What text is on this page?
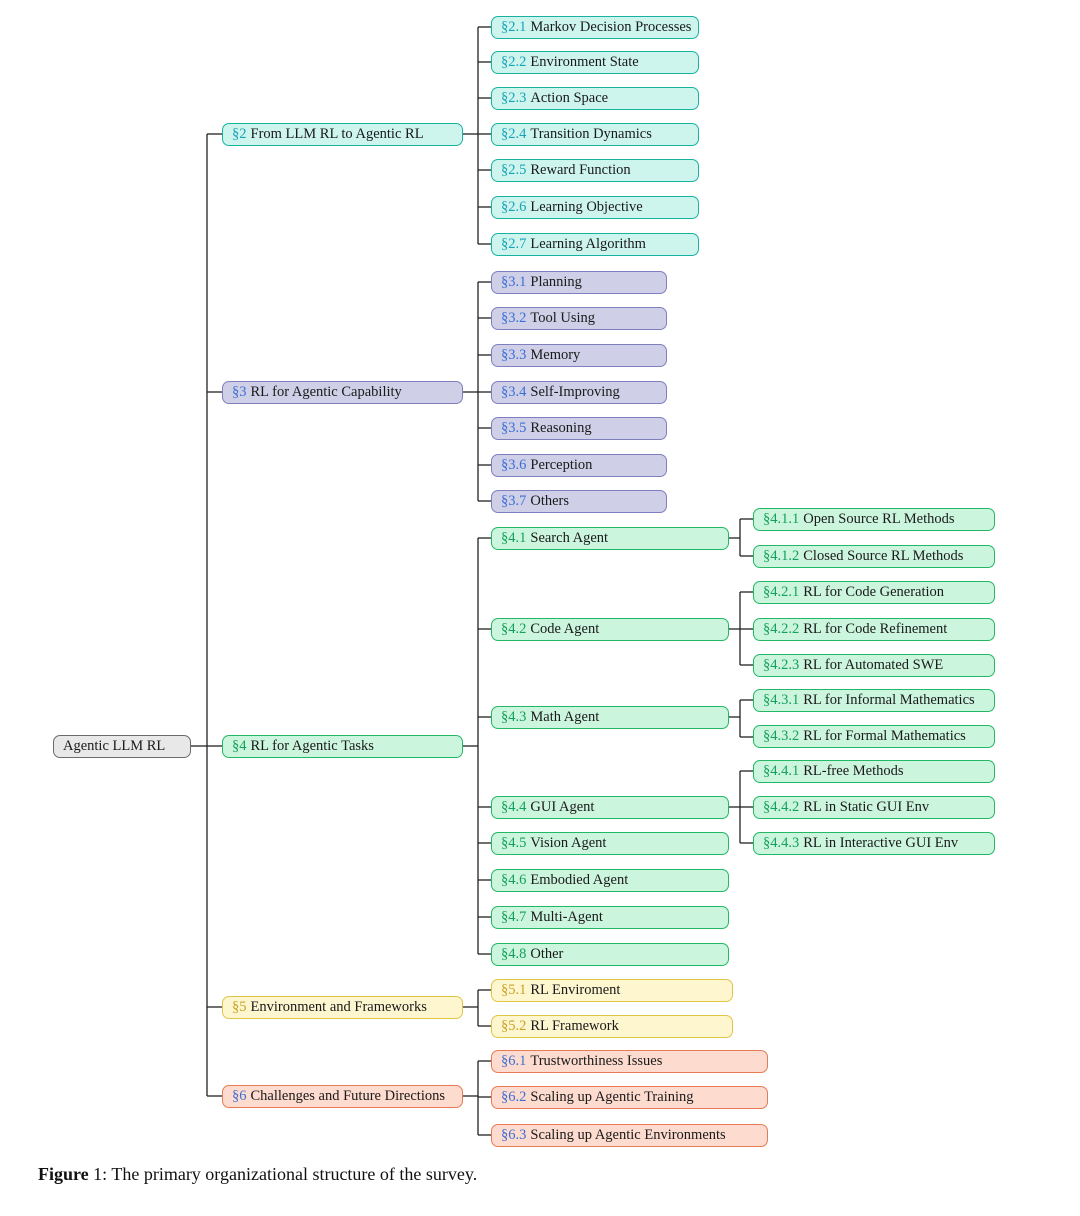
Agentic LLM RL
§2 From LLM RL to Agentic RL
§2.1 Markov Decision Processes
§2.2 Environment State
§2.3 Action Space
§2.4 Transition Dynamics
§2.5 Reward Function
§2.6 Learning Objective
§2.7 Learning Algorithm
§3 RL for Agentic Capability
§3.1 Planning
§3.2 Tool Using
§3.3 Memory
§3.4 Self-Improving
§3.5 Reasoning
§3.6 Perception
§3.7 Others
§4 RL for Agentic Tasks
§4.1 Search Agent
§4.1.1 Open Source RL Methods
§4.1.2 Closed Source RL Methods
§4.2 Code Agent
§4.2.1 RL for Code Generation
§4.2.2 RL for Code Refinement
§4.2.3 RL for Automated SWE
§4.3 Math Agent
§4.3.1 RL for Informal Mathematics
§4.3.2 RL for Formal Mathematics
§4.4 GUI Agent
§4.4.1 RL-free Methods
§4.4.2 RL in Static GUI Env
§4.4.3 RL in Interactive GUI Env
§4.5 Vision Agent
§4.6 Embodied Agent
§4.7 Multi-Agent
§4.8 Other
§5 Environment and Frameworks
§5.1 RL Enviroment
§5.2 RL Framework
§6 Challenges and Future Directions
§6.1 Trustworthiness Issues
§6.2 Scaling up Agentic Training
§6.3 Scaling up Agentic Environments
Figure 1: The primary organizational structure of the survey.
